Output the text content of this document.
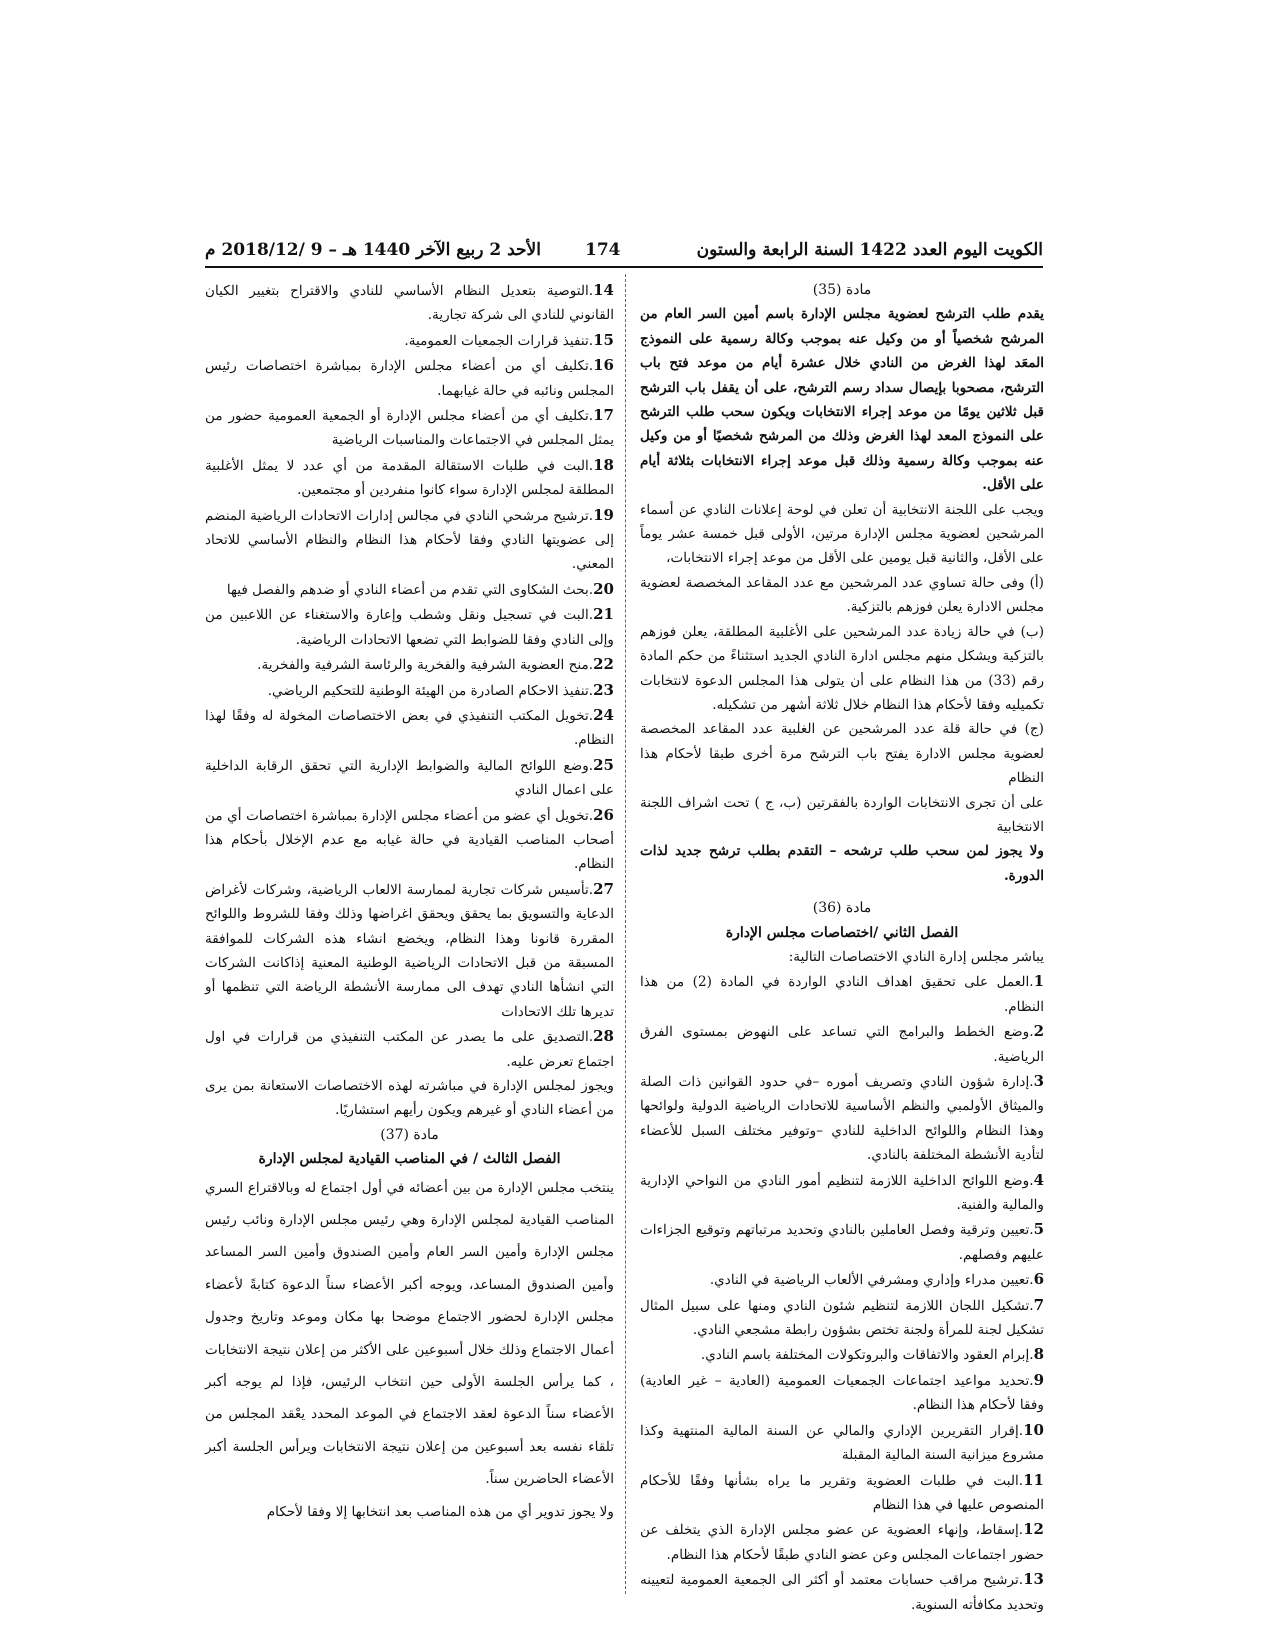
الكويت اليوم العدد 1422 السنة الرابعة والستون
174
الأحد 2 ربيع الآخر 1440 هـ – 9 /2018/12 م

مادة (35)

يقدم طلب الترشح لعضوية مجلس الإدارة باسم أمين السر العام من المرشح شخصياً أو من وكيل عنه بموجب وكالة رسمية على النموذج المعَد لهذا الغرض من النادي خلال عشرة أيام من موعد فتح باب الترشح، مصحوبا بإيصال سداد رسم الترشح، على أن يقفل باب الترشح قبل ثلاثين يومًا من موعد إجراء الانتخابات ويكون سحب طلب الترشح على النموذج المعد لهذا الغرض وذلك من المرشح شخصيًا أو من وكيل عنه بموجب وكالة رسمية وذلك قبل موعد إجراء الانتخابات بثلاثة أيام على الأقل.

ويجب على اللجنة الانتخابية أن تعلن في لوحة إعلانات النادي عن أسماء المرشحين لعضوية مجلس الإدارة مرتين، الأولى قبل خمسة عشر يوماً على الأقل، والثانية قبل يومين على الأقل من موعد إجراء الانتخابات،

(أ) وفى حالة تساوي عدد المرشحين مع عدد المقاعد المخصصة لعضوية مجلس الادارة يعلن فوزهم بالتزكية.

(ب) في حالة زيادة عدد المرشحين على الأغلبية المطلقة، يعلن فوزهم بالتزكية ويشكل منهم مجلس ادارة النادي الجديد استثناءً من حكم المادة رقم (33) من هذا النظام على أن يتولى هذا المجلس الدعوة لانتخابات تكميليه وفقا لأحكام هذا النظام خلال ثلاثة أشهر من تشكيله.

(ج) في حالة قلة عدد المرشحين عن الغلبية عدد المقاعد المخصصة لعضوية مجلس الادارة يفتح باب الترشح مرة أخرى طبقا لأحكام هذا النظام

على أن تجرى الانتخابات الواردة بالفقرتين (ب، ج ) تحت اشراف اللجنة الانتخابية

ولا يجوز لمن سحب طلب ترشحه – التقدم بطلب ترشح جديد لذات الدورة.

مادة (36)

الفصل الثاني /اختصاصات مجلس الإدارة

يباشر مجلس إدارة النادي الاختصاصات التالية:

1.العمل على تحقيق اهداف النادي الواردة في المادة (2) من هذا النظام.

2.وضع الخطط والبرامج التي تساعد على النهوض بمستوى الفرق الرياضية.

3.إدارة شؤون النادي وتصريف أموره –في حدود القوانين ذات الصلة والميثاق الأولمبي والنظم الأساسية للاتحادات الرياضية الدولية ولوائحها وهذا النظام واللوائح الداخلية للنادي –وتوفير مختلف السبل للأعضاء لتأدية الأنشطة المختلفة بالنادي.

4.وضع اللوائح الداخلية اللازمة لتنظيم أمور النادي من النواحي الإدارية والمالية والفنية.

5.تعيين وترقية وفصل العاملين بالنادي وتحديد مرتباتهم وتوقيع الجزاءات عليهم وفصلهم.

6.تعيين مدراء وإداري ومشرفي الألعاب الرياضية في النادي.

7.تشكيل اللجان اللازمة لتنظيم شئون النادي ومنها على سبيل المثال تشكيل لجنة للمرأة ولجنة تختص بشؤون رابطة مشجعي النادي.

8.إبرام العقود والاتفاقات والبروتكولات المختلفة باسم النادي.

9.تحديد مواعيد اجتماعات الجمعيات العمومية (العادية – غير العادية) وفقا لأحكام هذا النظام.

10.إقرار التقريرين الإداري والمالي عن السنة المالية المنتهية وكذا مشروع ميزانية السنة المالية المقبلة

11.البت في طلبات العضوية وتقرير ما يراه بشأنها وفقًا للأحكام المنصوص عليها في هذا النظام

12.إسقاط، وإنهاء العضوية عن عضو مجلس الإدارة الذي يتخلف عن حضور اجتماعات المجلس وعن عضو النادي طبقًا لأحكام هذا النظام.

13.ترشيح مراقب حسابات معتمد أو أكثر الى الجمعية العمومية لتعيينه وتحديد مكافأته السنوية.

14.التوصية بتعديل النظام الأساسي للنادي والاقتراح بتغيير الكيان القانوني للنادي الى شركة تجارية.

15.تنفيذ قرارات الجمعيات العمومية.

16.تكليف أي من أعضاء مجلس الإدارة بمباشرة اختصاصات رئيس المجلس ونائبه في حالة غيابهما.

17.تكليف أي من أعضاء مجلس الإدارة أو الجمعية العمومية حضور من يمثل المجلس في الاجتماعات والمناسبات الرياضية

18.البت في طلبات الاستقالة المقدمة من أي عدد لا يمثل الأغلبية المطلقة لمجلس الإدارة سواء كانوا منفردين أو مجتمعين.

19.ترشيح مرشحي النادي في مجالس إدارات الاتحادات الرياضية المنضم إلى عضويتها النادي وفقا لأحكام هذا النظام والنظام الأساسي للاتحاد المعني.

20.بحث الشكاوى التي تقدم من أعضاء النادي أو ضدهم والفصل فيها

21.البت في تسجيل ونقل وشطب وإعارة والاستغناء عن اللاعبين من وإلى النادي وفقا للضوابط التي تضعها الاتحادات الرياضية.

22.منح العضوية الشرفية والفخرية والرئاسة الشرفية والفخرية.

23.تنفيذ الاحكام الصادرة من الهيئة الوطنية للتحكيم الرياضي.

24.تخويل المكتب التنفيذي في بعض الاختصاصات المخولة له وفقًا لهذا النظام.

25.وضع اللوائح المالية والضوابط الإدارية التي تحقق الرقابة الداخلية على اعمال النادي

26.تخويل أي عضو من أعضاء مجلس الإدارة بمباشرة اختصاصات أي من أصحاب المناصب القيادية في حالة غيابه مع عدم الإخلال بأحكام هذا النظام.

27.تأسيس شركات تجارية لممارسة الالعاب الرياضية، وشركات لأغراض الدعاية والتسويق بما يحقق ويحقق اغراضها وذلك وفقا للشروط واللوائح المقررة قانونا وهذا النظام، ويخضع انشاء هذه الشركات للموافقة المسبقة من قبل الاتحادات الرياضية الوطنية المعنية إذاكانت الشركات التي انشأها النادي تهدف الى ممارسة الأنشطة الرياضة التي تنظمها أو تديرها تلك الاتحادات

28.التصديق على ما يصدر عن المكتب التنفيذي من قرارات في اول اجتماع تعرض عليه.

ويجوز لمجلس الإدارة في مباشرته لهذه الاختصاصات الاستعانة بمن يرى من أعضاء النادي أو غيرهم ويكون رأيهم استشاريًا.

مادة (37)

الفصل الثالث / في المناصب القيادية لمجلس الإدارة

ينتخب مجلس الإدارة من بين أعضائه في أول اجتماع له وبالاقتراع السري المناصب القيادية لمجلس الإدارة وهي رئيس مجلس الإدارة ونائب رئيس مجلس الإدارة وأمين السر العام وأمين الصندوق وأمين السر المساعد وأمين الصندوق المساعد، ويوجه أكبر الأعضاء سناً الدعوة كتابةً لأعضاء مجلس الإدارة لحضور الاجتماع موضحا بها مكان وموعد وتاريخ وجدول أعمال الاجتماع وذلك خلال أسبوعين على الأكثر من إعلان نتيجة الانتخابات ، كما يرأس الجلسة الأولى حين انتخاب الرئيس، فإذا لم يوجه أكبر الأعضاء سناً الدعوة لعقد الاجتماع في الموعد المحدد يعْقد المجلس من تلقاء نفسه بعد أسبوعين من إعلان نتيجة الانتخابات ويرأس الجلسة أكبر الأعضاء الحاضرين سناً.

ولا يجوز تدوير أي من هذه المناصب بعد انتخابها إلا وفقا لأحكام
